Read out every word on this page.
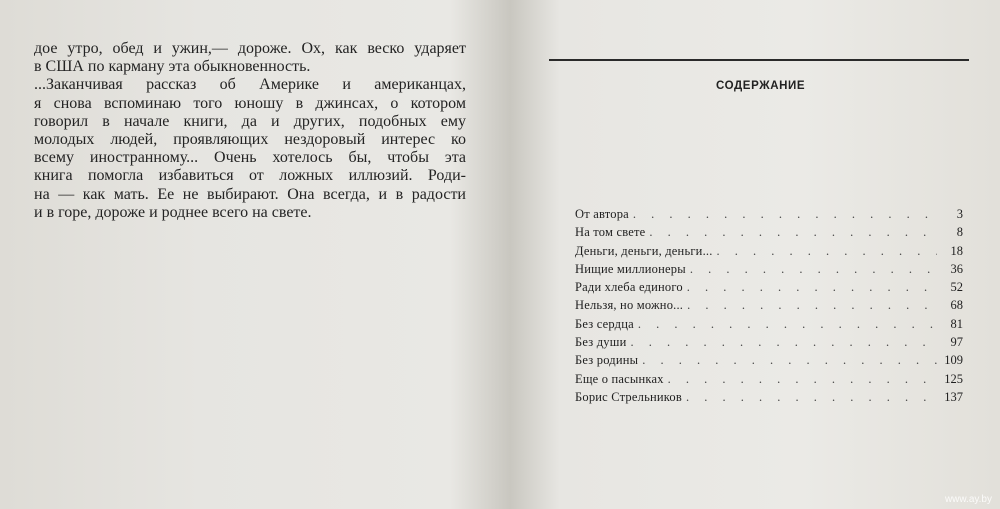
дое утро, обед и ужин,— дороже. Ох, как веско ударяет
в США по карману эта обыкновенность.
...Заканчивая рассказ об Америке и американцах,
я снова вспоминаю того юношу в джинсах, о котором
говорил в начале книги, да и других, подобных ему
молодых людей, проявляющих нездоровый интерес ко
всему иностранному... Очень хотелось бы, чтобы эта
книга помогла избавиться от ложных иллюзий. Роди-
на — как мать. Ее не выбирают. Она всегда, и в радости
и в горе, дороже и роднее всего на свете.
СОДЕРЖАНИЕ
От автора . . .	3
На том свете . . .	8
Деньги, деньги, деньги... . . .	18
Нищие миллионеры . . .	36
Ради хлеба единого . . .	52
Нельзя, но можно... . . .	68
Без сердца . . .	81
Без души . . .	97
Без родины . . .	109
Еще о пасынках . . .	125
Борис Стрельников . . .	137
www.ay.by
